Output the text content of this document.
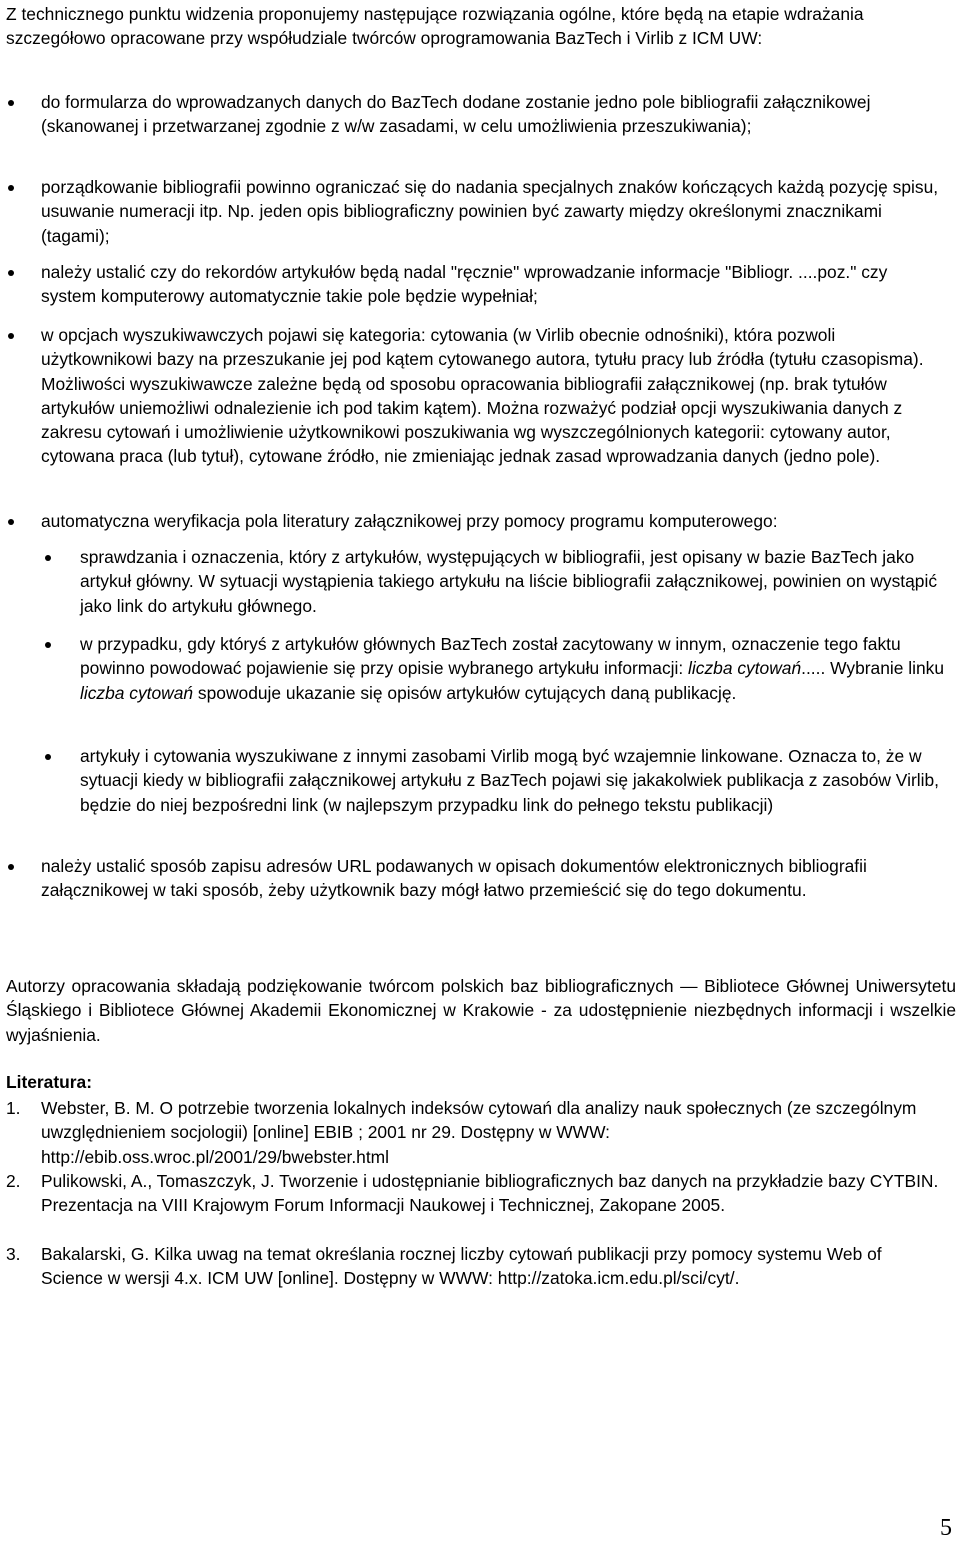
Z technicznego punktu widzenia proponujemy następujące rozwiązania ogólne, które będą na etapie wdrażania szczegółowo opracowane przy współudziale twórców oprogramowania BazTech i Virlib z ICM UW:

do formularza do wprowadzanych danych do BazTech dodane zostanie jedno pole bibliografii załącznikowej (skanowanej i przetwarzanej zgodnie z w/w zasadami, w celu umożliwienia przeszukiwania);

porządkowanie bibliografii powinno ograniczać się do nadania specjalnych znaków kończących każdą pozycję spisu, usuwanie numeracji itp. Np. jeden opis bibliograficzny powinien być zawarty między określonymi znacznikami (tagami);

należy ustalić czy do rekordów artykułów będą nadal "ręcznie" wprowadzanie informacje "Bibliogr. ....poz." czy system komputerowy automatycznie takie pole będzie wypełniał;

w opcjach wyszukiwawczych pojawi się kategoria: cytowania (w Virlib obecnie odnośniki), która pozwoli użytkownikowi bazy na przeszukanie jej pod kątem cytowanego autora, tytułu pracy lub źródła (tytułu czasopisma). Możliwości wyszukiwawcze zależne będą od sposobu opracowania bibliografii załącznikowej (np. brak tytułów artykułów uniemożliwi odnalezienie ich pod takim kątem). Można rozważyć podział opcji wyszukiwania danych z zakresu cytowań i umożliwienie użytkownikowi poszukiwania wg wyszczególnionych kategorii: cytowany autor, cytowana praca (lub tytuł), cytowane źródło, nie zmieniając jednak zasad wprowadzania danych (jedno pole).

automatyczna weryfikacja pola literatury załącznikowej przy pomocy programu komputerowego:

sprawdzania i oznaczenia, który z artykułów, występujących w bibliografii, jest opisany w bazie BazTech jako artykuł główny. W sytuacji wystąpienia takiego artykułu na liście bibliografii załącznikowej, powinien on wystąpić jako link do artykułu głównego.

w przypadku, gdy któryś z artykułów głównych BazTech został zacytowany w innym, oznaczenie tego faktu powinno powodować pojawienie się przy opisie wybranego artykułu informacji: liczba cytowań..... Wybranie linku liczba cytowań spowoduje ukazanie się opisów artykułów cytujących daną publikację.

artykuły i cytowania wyszukiwane z innymi zasobami Virlib mogą być wzajemnie linkowane. Oznacza to, że w sytuacji kiedy w bibliografii załącznikowej artykułu z BazTech pojawi się jakakolwiek publikacja z zasobów Virlib, będzie do niej bezpośredni link (w najlepszym przypadku link do pełnego tekstu publikacji)

należy ustalić sposób zapisu adresów URL podawanych w opisach dokumentów elektronicznych bibliografii załącznikowej w taki sposób, żeby użytkownik bazy mógł łatwo przemieścić się do tego dokumentu.

Autorzy opracowania składają podziękowanie twórcom polskich baz bibliograficznych — Bibliotece Głównej Uniwersytetu Śląskiego i Bibliotece Głównej Akademii Ekonomicznej w Krakowie - za udostępnienie niezbędnych informacji i wszelkie wyjaśnienia.

Literatura:

1. Webster, B. M. O potrzebie tworzenia lokalnych indeksów cytowań dla analizy nauk społecznych (ze szczególnym uwzględnieniem socjologii) [online] EBIB ; 2001 nr 29. Dostępny w WWW: http://ebib.oss.wroc.pl/2001/29/bwebster.html

2. Pulikowski, A., Tomaszczyk, J. Tworzenie i udostępnianie bibliograficznych baz danych na przykładzie bazy CYTBIN. Prezentacja na VIII Krajowym Forum Informacji Naukowej i Technicznej, Zakopane 2005.

3. Bakalarski, G. Kilka uwag na temat określania rocznej liczby cytowań publikacji przy pomocy systemu Web of Science w wersji 4.x. ICM UW [online]. Dostępny w WWW: http://zatoka.icm.edu.pl/sci/cyt/.

5
